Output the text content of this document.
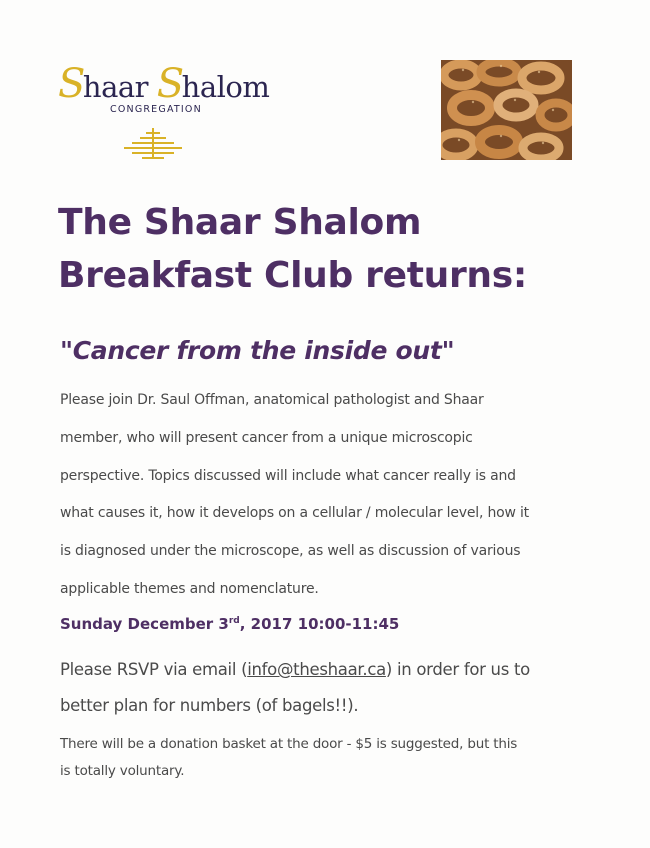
Shaar Shalom
CONGREGATION
The Shaar Shalom
Breakfast Club returns:
"Cancer from the inside out"
Please join Dr. Saul Offman, anatomical pathologist and Shaar
member, who will present cancer from a unique microscopic
perspective. Topics discussed will include what cancer really is and
what causes it, how it develops on a cellular / molecular level, how it
is diagnosed under the microscope, as well as discussion of various
applicable themes and nomenclature.
Sunday December 3rd, 2017 10:00-11:45
Please RSVP via email (info@theshaar.ca) in order for us to
better plan for numbers (of bagels!!).
There will be a donation basket at the door - $5 is suggested, but this
is totally voluntary.
